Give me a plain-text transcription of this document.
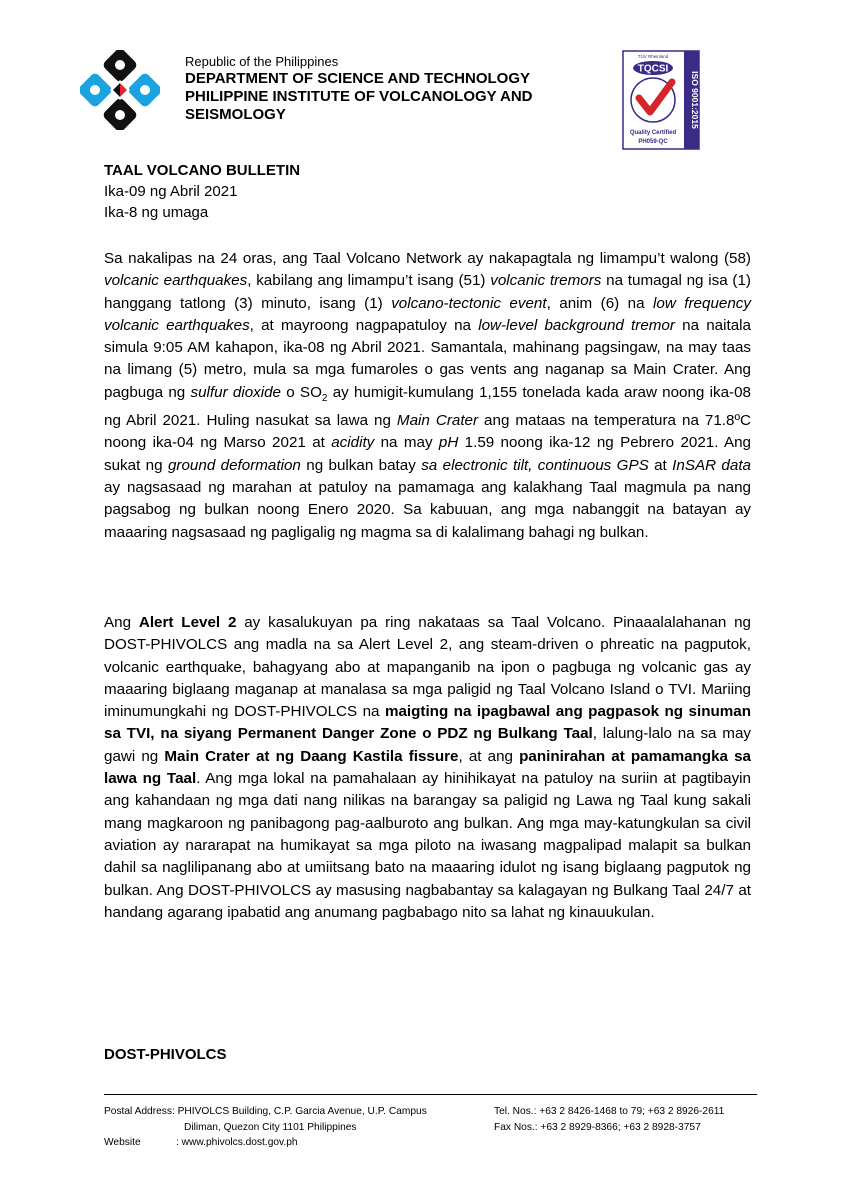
Republic of the Philippines
DEPARTMENT OF SCIENCE AND TECHNOLOGY
PHILIPPINE INSTITUTE OF VOLCANOLOGY AND
SEISMOLOGY	ISO 9001:2015
TÜV Rheinland
TQCSI
Quality Certified
PH059-QC
TAAL VOLCANO BULLETIN
Ika-09 ng Abril 2021
Ika-8 ng umaga
Sa nakalipas na 24 oras, ang Taal Volcano Network ay nakapagtala ng limampu’t walong (58) volcanic earthquakes, kabilang ang limampu’t isang (51) volcanic tremors na tumagal ng isa (1) hanggang tatlong (3) minuto, isang (1) volcano-tectonic event, anim (6) na low frequency volcanic earthquakes, at mayroong nagpapatuloy na low-level background tremor na naitala simula 9:05 AM kahapon, ika-08 ng Abril 2021. Samantala, mahinang pagsingaw, na may taas na limang (5) metro, mula sa mga fumaroles o gas vents ang naganap sa Main Crater. Ang pagbuga ng sulfur dioxide o $SO_2$ ay humigit-kumulang 1,155 tonelada kada araw noong ika-08 ng Abril 2021. Huling nasukat sa lawa ng Main Crater ang mataas na temperatura na 71.8ºC noong ika-04 ng Marso 2021 at acidity na may pH 1.59 noong ika-12 ng Pebrero 2021. Ang sukat ng ground deformation ng bulkan batay sa electronic tilt, continuous GPS at InSAR data ay nagsasaad ng marahan at patuloy na pamamaga ang kalakhang Taal magmula pa nang pagsabog ng bulkan noong Enero 2020. Sa kabuuan, ang mga nabanggit na batayan ay maaaring nagsasaad ng pagligalig ng magma sa di kalalimang bahagi ng bulkan.
Ang Alert Level 2 ay kasalukuyan pa ring nakataas sa Taal Volcano. Pinaaalalahanan ng DOST-PHIVOLCS ang madla na sa Alert Level 2, ang steam-driven o phreatic na pagputok, volcanic earthquake, bahagyang abo at mapanganib na ipon o pagbuga ng volcanic gas ay maaaring biglaang maganap at manalasa sa mga paligid ng Taal Volcano Island o TVI. Mariing iminumungkahi ng DOST-PHIVOLCS na maigting na ipagbawal ang pagpasok ng sinuman sa TVI, na siyang Permanent Danger Zone o PDZ ng Bulkang Taal, lalung-lalo na sa may gawi ng Main Crater at ng Daang Kastila fissure, at ang paninirahan at pamamangka sa lawa ng Taal. Ang mga lokal na pamahalaan ay hinihikayat na patuloy na suriin at pagtibayin ang kahandaan ng mga dati nang nilikas na barangay sa paligid ng Lawa ng Taal kung sakali mang magkaroon ng panibagong pag-aalburoto ang bulkan. Ang mga may-katungkulan sa civil aviation ay nararapat na humikayat sa mga piloto na iwasang magpalipad malapit sa bulkan dahil sa naglilipanang abo at umiitsang bato na maaaring idulot ng isang biglaang pagputok ng bulkan. Ang DOST-PHIVOLCS ay masusing nagbabantay sa kalagayan ng Bulkang Taal 24/7 at handang agarang ipabatid ang anumang pagbabago nito sa lahat ng kinauukulan.
DOST-PHIVOLCS
Postal Address: PHIVOLCS Building, C.P. Garcia Avenue, U.P. Campus
Diliman, Quezon City 1101 Philippines
Website	: www.phivolcs.dost.gov.ph
Tel. Nos.: +63 2 8426-1468 to 79; +63 2 8926-2611
Fax Nos.: +63 2 8929-8366; +63 2 8928-3757
